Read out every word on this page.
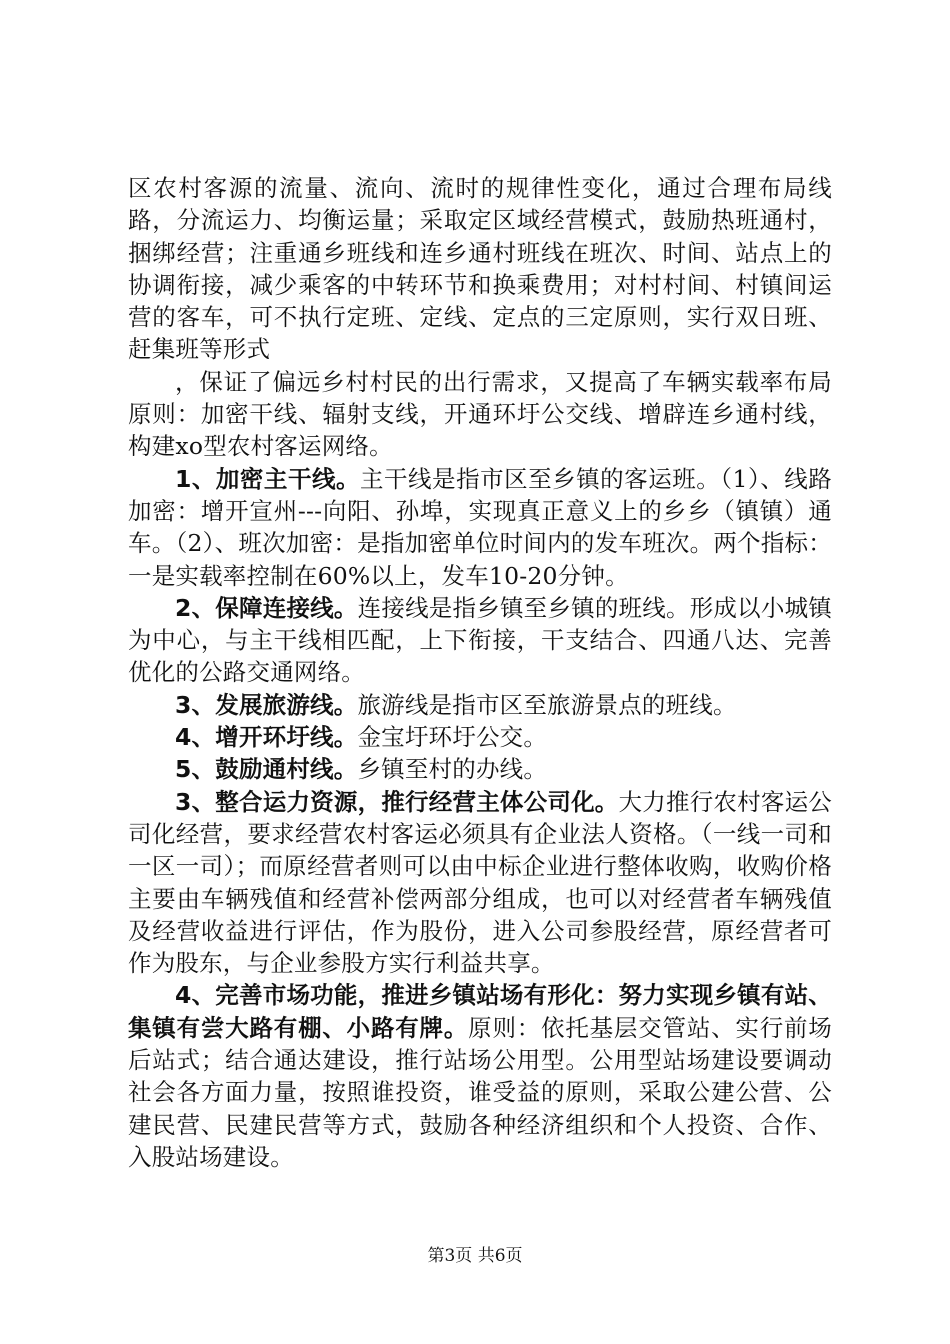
区农村客源的流量、流向、流时的规律性变化，通过合理布局线路，分流运力、均衡运量；采取定区域经营模式，鼓励热班通村，捆绑经营；注重通乡班线和连乡通村班线在班次、时间、站点上的协调衔接，减少乘客的中转环节和换乘费用；对村村间、村镇间运营的客车，可不执行定班、定线、定点的三定原则，实行双日班、赶集班等形式

，保证了偏远乡村村民的出行需求，又提高了车辆实载率布局原则：加密干线、辐射支线，开通环圩公交线、增辟连乡通村线，构建xo型农村客运网络。

1、加密主干线。主干线是指市区至乡镇的客运班。（1）、线路加密：增开宣州---向阳、孙埠，实现真正意义上的乡乡（镇镇）通车。（2）、班次加密：是指加密单位时间内的发车班次。两个指标：一是实载率控制在60%以上，发车10-20分钟。

2、保障连接线。连接线是指乡镇至乡镇的班线。形成以小城镇为中心，与主干线相匹配，上下衔接，干支结合、四通八达、完善优化的公路交通网络。

3、发展旅游线。旅游线是指市区至旅游景点的班线。

4、增开环圩线。金宝圩环圩公交。

5、鼓励通村线。乡镇至村的办线。

3、整合运力资源，推行经营主体公司化。大力推行农村客运公司化经营，要求经营农村客运必须具有企业法人资格。（一线一司和一区一司）；而原经营者则可以由中标企业进行整体收购，收购价格主要由车辆残值和经营补偿两部分组成，也可以对经营者车辆残值及经营收益进行评估，作为股份，进入公司参股经营，原经营者可作为股东，与企业参股方实行利益共享。

4、完善市场功能，推进乡镇站场有形化：努力实现乡镇有站、集镇有尝大路有棚、小路有牌。原则：依托基层交管站、实行前场后站式；结合通达建设，推行站场公用型。公用型站场建设要调动社会各方面力量，按照谁投资，谁受益的原则，采取公建公营、公建民营、民建民营等方式，鼓励各种经济组织和个人投资、合作、入股站场建设。

第3页 共6页
